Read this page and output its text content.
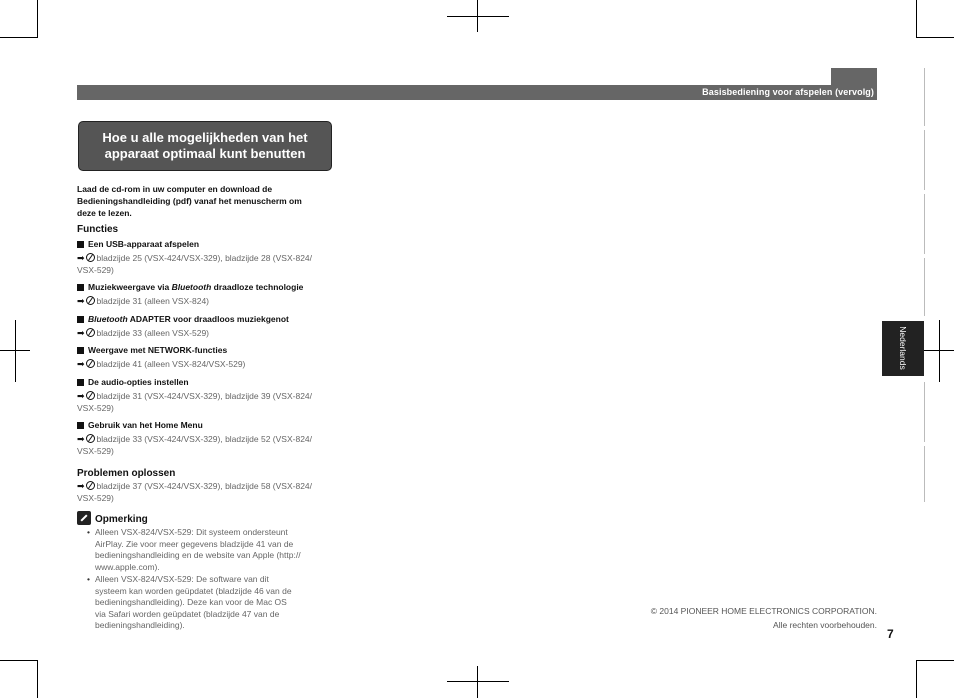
Basisbediening voor afspelen (vervolg)
Hoe u alle mogelijkheden van het
apparaat optimaal kunt benutten
Laad de cd-rom in uw computer en download de
Bedieningshandleiding (pdf) vanaf het menuscherm om
deze te lezen.
Functies
Een USB-apparaat afspelen
➡ bladzijde 25 (VSX-424/VSX-329), bladzijde 28 (VSX-824/
VSX-529)
Muziekweergave via Bluetooth draadloze technologie
➡ bladzijde 31 (alleen VSX-824)
Bluetooth ADAPTER voor draadloos muziekgenot
➡ bladzijde 33 (alleen VSX-529)
Weergave met NETWORK-functies
➡ bladzijde 41 (alleen VSX-824/VSX-529)
De audio-opties instellen
➡ bladzijde 31 (VSX-424/VSX-329), bladzijde 39 (VSX-824/
VSX-529)
Gebruik van het Home Menu
➡ bladzijde 33 (VSX-424/VSX-329), bladzijde 52 (VSX-824/
VSX-529)
Problemen oplossen
➡ bladzijde 37 (VSX-424/VSX-329), bladzijde 58 (VSX-824/
VSX-529)
Opmerking
• Alleen VSX-824/VSX-529: Dit systeem ondersteunt
AirPlay. Zie voor meer gegevens bladzijde 41 van de
bedieningshandleiding en de website van Apple (http://
www.apple.com).
• Alleen VSX-824/VSX-529: De software van dit
systeem kan worden geüpdatet (bladzijde 46 van de
bedieningshandleiding). Deze kan voor de Mac OS
via Safari worden geüpdatet (bladzijde 47 van de
bedieningshandleiding).
Nederlands
© 2014 PIONEER HOME ELECTRONICS CORPORATION.
Alle rechten voorbehouden.
7
